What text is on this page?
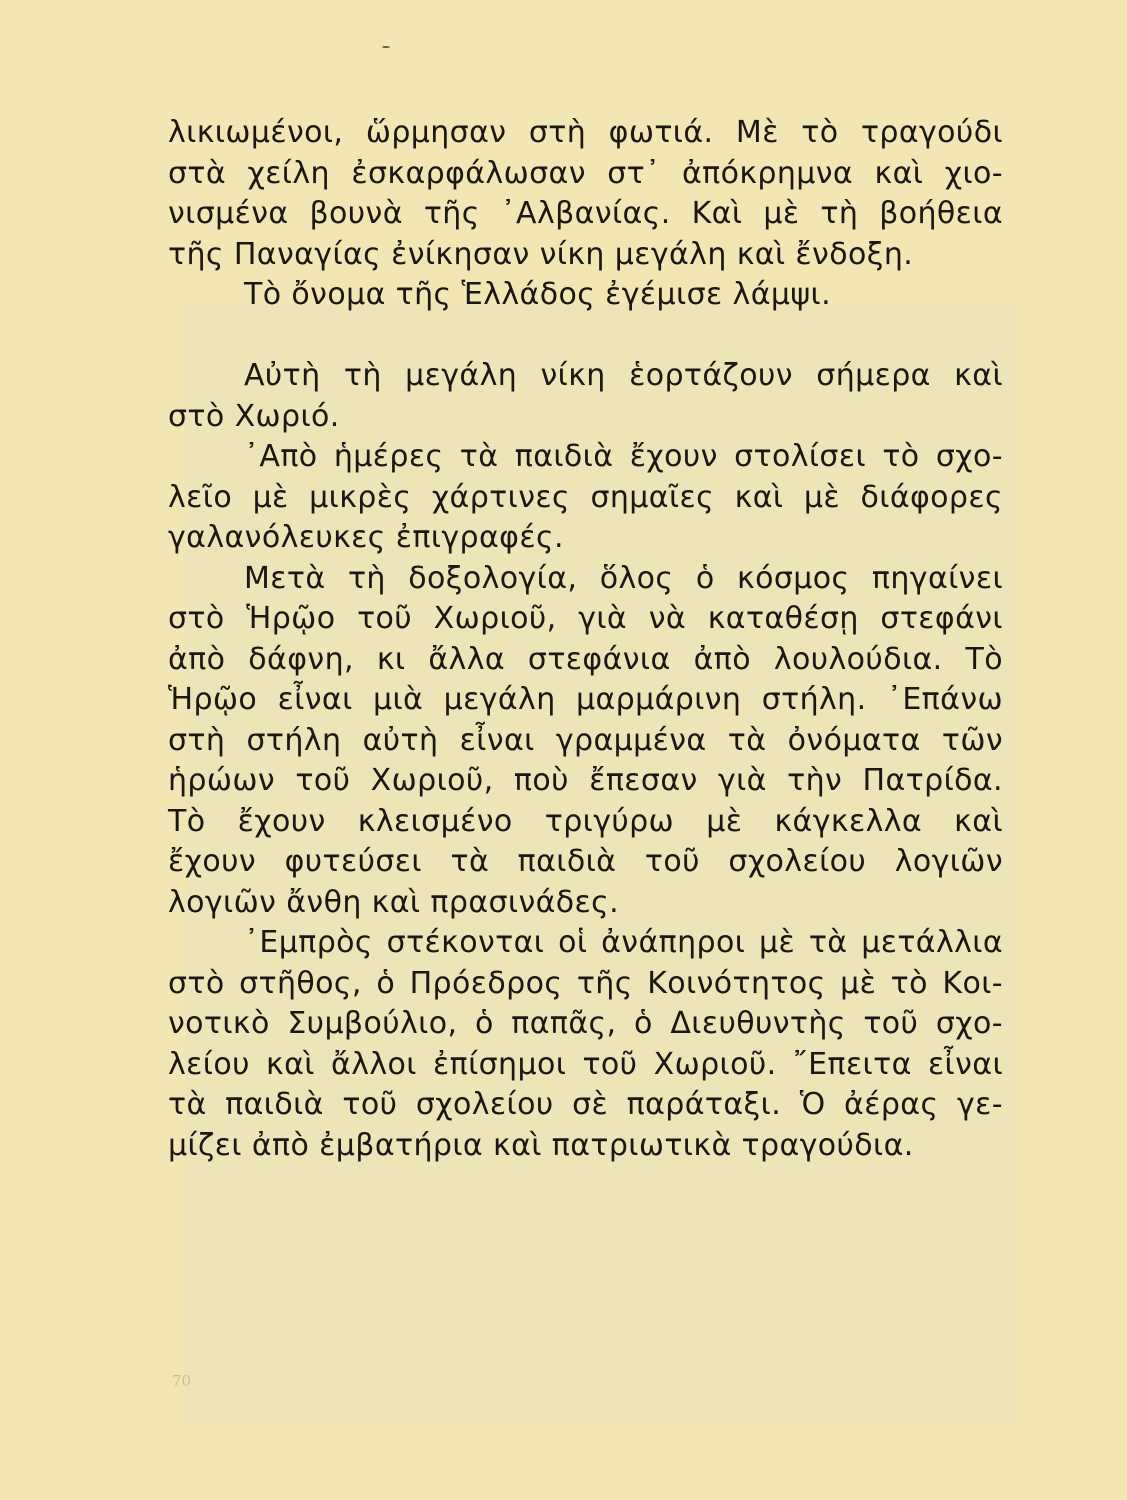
λικιωμένοι, ὥρμησαν στὴ φωτιά. Μὲ τὸ τραγούδι
στὰ χείλη ἐσκαρφάλωσαν στ᾿ ἀπόκρημνα καὶ χιο-
νισμένα βουνὰ τῆς ᾿Αλβανίας. Καὶ μὲ τὴ βοήθεια
τῆς Παναγίας ἐνίκησαν νίκη μεγάλη καὶ ἔνδοξη.
Τὸ ὄνομα τῆς Ἑλλάδος ἐγέμισε λάμψι.
Αὐτὴ τὴ μεγάλη νίκη ἑορτάζουν σήμερα καὶ
στὸ Χωριό.
᾿Απὸ ἡμέρες τὰ παιδιὰ ἔχουν στολίσει τὸ σχο-
λεῖο μὲ μικρὲς χάρτινες σημαῖες καὶ μὲ διάφορες
γαλανόλευκες ἐπιγραφές.
Μετὰ τὴ δοξολογία, ὅλος ὁ κόσμος πηγαίνει
στὸ Ἡρῷο τοῦ Χωριοῦ, γιὰ νὰ καταθέσῃ στεφάνι
ἀπὸ δάφνη, κι ἄλλα στεφάνια ἀπὸ λουλούδια. Τὸ
Ἡρῷο εἶναι μιὰ μεγάλη μαρμάρινη στήλη. ᾿Επάνω
στὴ στήλη αὐτὴ εἶναι γραμμένα τὰ ὀνόματα τῶν
ἡρώων τοῦ Χωριοῦ, ποὺ ἔπεσαν γιὰ τὴν Πατρίδα.
Τὸ ἔχουν κλεισμένο τριγύρω μὲ κάγκελλα καὶ
ἔχουν φυτεύσει τὰ παιδιὰ τοῦ σχολείου λογιῶν
λογιῶν ἄνθη καὶ πρασινάδες.
᾿Εμπρὸς στέκονται οἱ ἀνάπηροι μὲ τὰ μετάλλια
στὸ στῆθος, ὁ Πρόεδρος τῆς Κοινότητος μὲ τὸ Κοι-
νοτικὸ Συμβούλιο, ὁ παπᾶς, ὁ Διευθυντὴς τοῦ σχο-
λείου καὶ ἄλλοι ἐπίσημοι τοῦ Χωριοῦ. ῎Επειτα εἶναι
τὰ παιδιὰ τοῦ σχολείου σὲ παράταξι. Ὁ ἀέρας γε-
μίζει ἀπὸ ἐμβατήρια καὶ πατριωτικὰ τραγούδια.
70
